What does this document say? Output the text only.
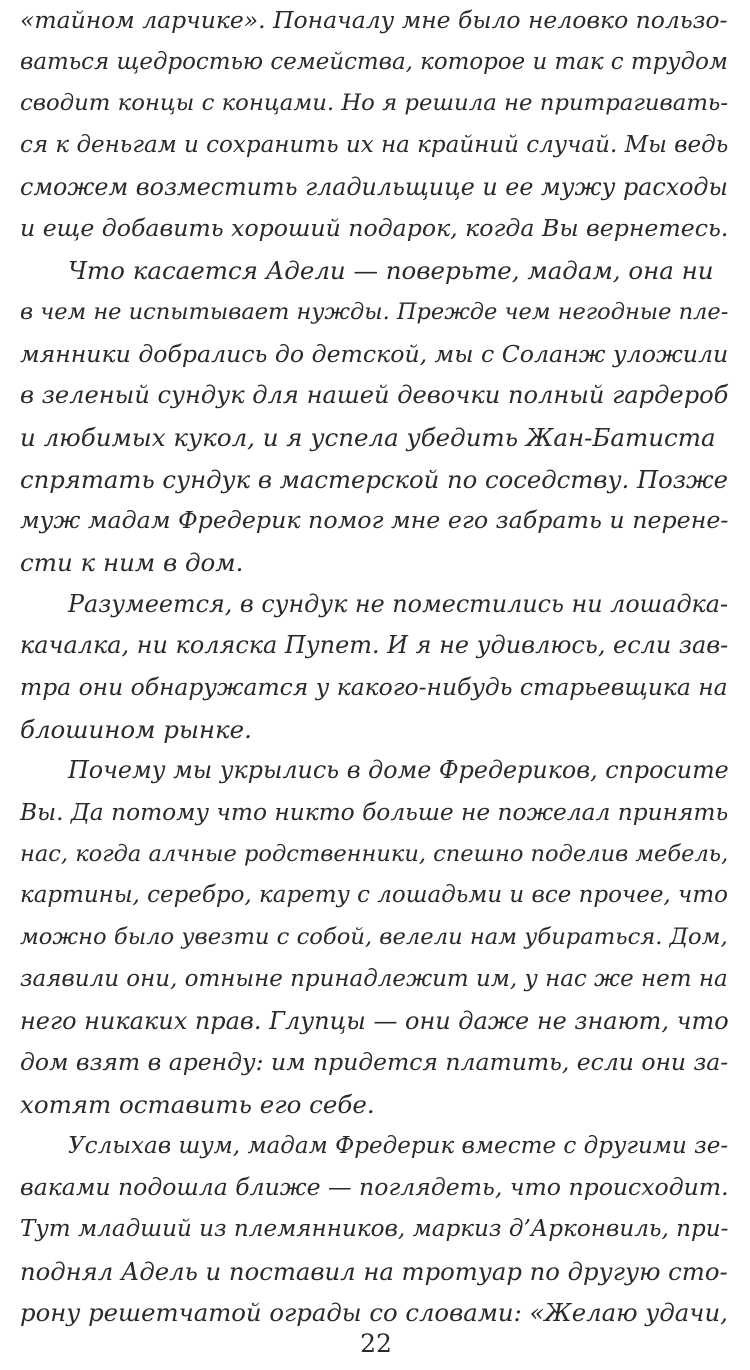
«тайном ларчике». Поначалу мне было неловко пользо-
ваться щедростью семейства, которое и так с трудом
сводит концы с концами. Но я решила не притрагивать-
ся к деньгам и сохранить их на крайний случай. Мы ведь
сможем возместить гладильщице и ее мужу расходы
и еще добавить хороший подарок, когда Вы вернетесь.
Что касается Адели — поверьте, мадам, она ни
в чем не испытывает нужды. Прежде чем негодные пле-
мянники добрались до детской, мы с Соланж уложили
в зеленый сундук для нашей девочки полный гардероб
и любимых кукол, и я успела убедить Жан-Батиста
спрятать сундук в мастерской по соседству. Позже
муж мадам Фредерик помог мне его забрать и перене-
сти к ним в дом.
Разумеется, в сундук не поместились ни лошадка-
качалка, ни коляска Пупет. И я не удивлюсь, если зав-
тра они обнаружатся у какого-нибудь старьевщика на
блошином рынке.
Почему мы укрылись в доме Фредериков, спросите
Вы. Да потому что никто больше не пожелал принять
нас, когда алчные родственники, спешно поделив мебель,
картины, серебро, карету с лошадьми и все прочее, что
можно было увезти с собой, велели нам убираться. Дом,
заявили они, отныне принадлежит им, у нас же нет на
него никаких прав. Глупцы — они даже не знают, что
дом взят в аренду: им придется платить, если они за-
хотят оставить его себе.
Услыхав шум, мадам Фредерик вместе с другими зе-
ваками подошла ближе — поглядеть, что происходит.
Тут младший из племянников, маркиз д’Арконвиль, при-
поднял Адель и поставил на тротуар по другую сто-
рону решетчатой ограды со словами: «Желаю удачи,
22
